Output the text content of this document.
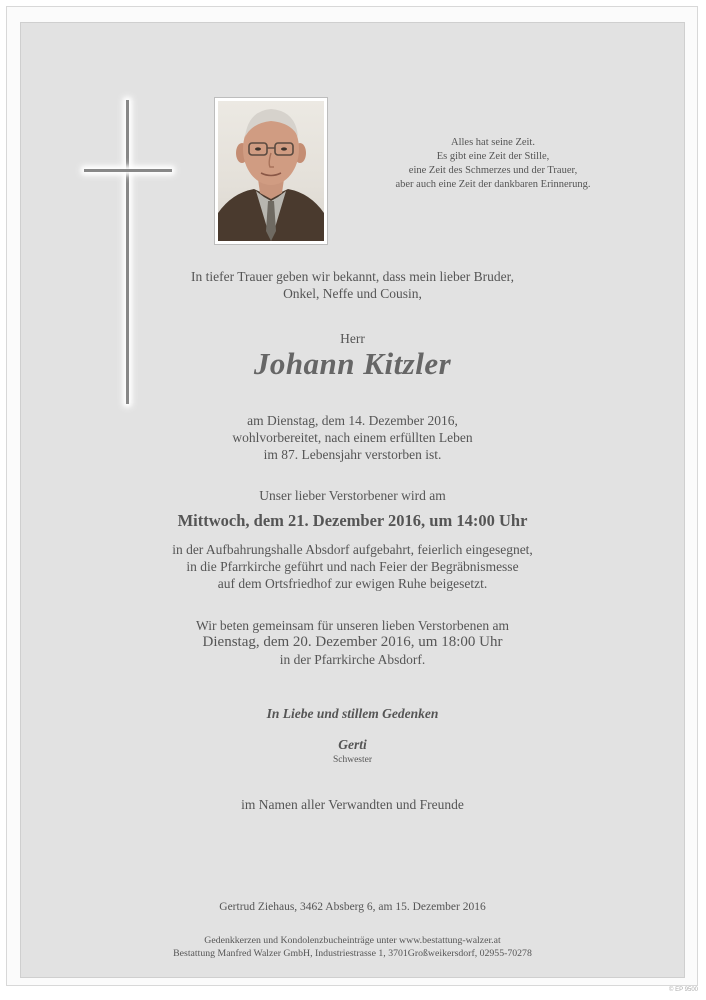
Alles hat seine Zeit.

Es gibt eine Zeit der Stille,

eine Zeit des Schmerzes und der Trauer,

aber auch eine Zeit der dankbaren Erinnerung.

In tiefer Trauer geben wir bekannt, dass mein lieber Bruder,

Onkel, Neffe und Cousin,

Herr
Johann Kitzler

am Dienstag, dem 14. Dezember 2016,

wohlvorbereitet, nach einem erfüllten Leben

im 87. Lebensjahr verstorben ist.

Unser lieber Verstorbener wird am
Mittwoch, dem 21. Dezember 2016, um 14:00 Uhr

in der Aufbahrungshalle Absdorf aufgebahrt, feierlich eingesegnet,

in die Pfarrkirche geführt und nach Feier der Begräbnismesse

auf dem Ortsfriedhof zur ewigen Ruhe beigesetzt.

Wir beten gemeinsam für unseren lieben Verstorbenen am

Dienstag, dem 20. Dezember 2016, um 18:00 Uhr

in der Pfarrkirche Absdorf.

In Liebe und stillem Gedenken
Gerti
Schwester
im Namen aller Verwandten und Freunde
Gertrud Ziehaus, 3462 Absberg 6, am 15. Dezember 2016

Gedenkkerzen und Kondolenzbucheinträge unter www.bestattung-walzer.at

Bestattung Manfred Walzer GmbH, Industriestrasse 1, 3701Großweikersdorf, 02955-70278

© EP 9500
